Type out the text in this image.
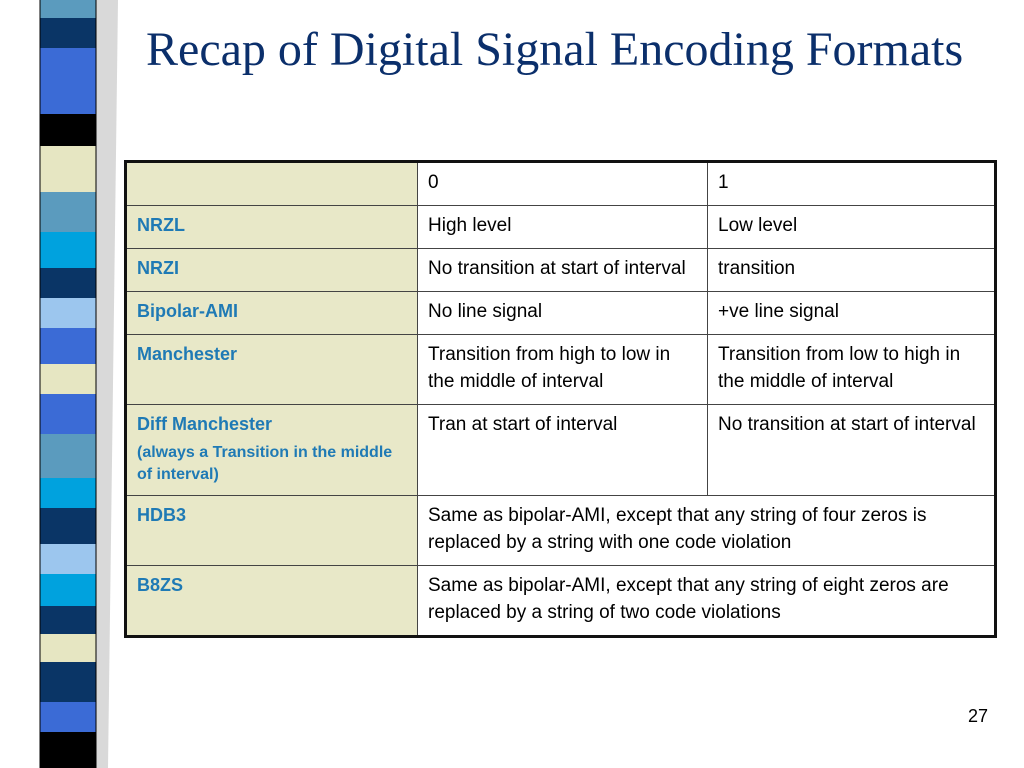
Recap of Digital Signal Encoding Formats
	0	1
NRZL	High level	Low level
NRZI	No transition at start of interval	transition
Bipolar-AMI	No line signal	+ve line signal
Manchester	Transition from high to low in the middle of interval	Transition from low to high in the middle of interval
Diff Manchester
(always a Transition in the middle of interval)	Tran at start of interval	No transition at start of interval
HDB3	Same as bipolar-AMI, except that any string of four zeros is replaced by a string with one code violation	
B8ZS	Same as bipolar-AMI, except that any string of eight zeros are replaced by a string of two code violations	
27
